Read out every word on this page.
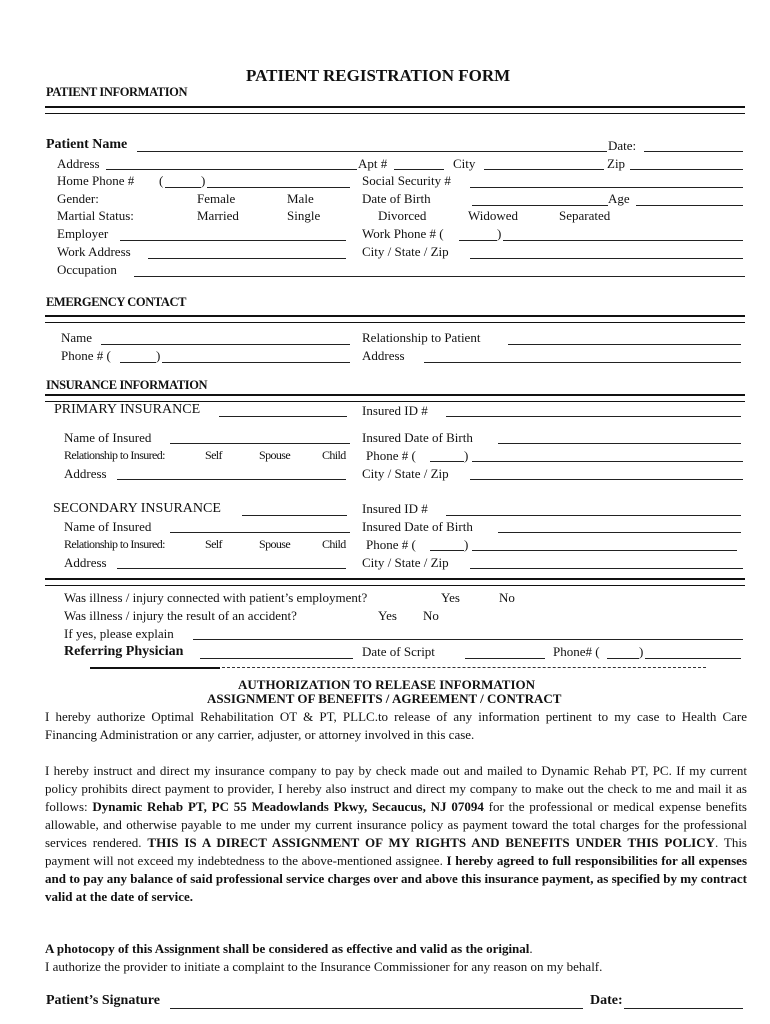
PATIENT REGISTRATION FORM
PATIENT INFORMATION
Patient Name	Date:
Address	Apt #	City	Zip
Home Phone # (	)	Social Security #
Gender:	Female	Male	Date of Birth	Age
Martial Status:	Married	Single	Divorced	Widowed	Separated
Employer	Work Phone # (	)
Work Address	City / State / Zip
Occupation
EMERGENCY CONTACT
Name	Relationship to Patient
Phone # (	)	Address
INSURANCE INFORMATION
PRIMARY INSURANCE	Insured ID #
Name of Insured	Insured Date of Birth
Relationship to Insured:	Self	Spouse	Child Phone # (	)
Address	City / State / Zip
SECONDARY INSURANCE	Insured ID #
Name of Insured	Insured Date of Birth
Relationship to Insured:	Self	Spouse	Child Phone # (	)
Address	City / State / Zip
Was illness / injury connected with patient’s employment?	Yes	No
Was illness / injury the result of an accident?	Yes No
If yes, please explain
Referring Physician	Date of Script	Phone# (	)
AUTHORIZATION TO RELEASE INFORMATION
ASSIGNMENT OF BENEFITS / AGREEMENT / CONTRACT
I hereby authorize Optimal Rehabilitation OT & PT, PLLC.to release of any information pertinent to my case to Health Care Financing Administration or any carrier, adjuster, or attorney involved in this case.
I hereby instruct and direct my insurance company to pay by check made out and mailed to Dynamic Rehab PT, PC. If my current policy prohibits direct payment to provider, I hereby also instruct and direct my company to make out the check to me and mail it as follows: Dynamic Rehab PT, PC 55 Meadowlands Pkwy, Secaucus, NJ 07094 for the professional or medical expense benefits allowable, and otherwise payable to me under my current insurance policy as payment toward the total charges for the professional services rendered. THIS IS A DIRECT ASSIGNMENT OF MY RIGHTS AND BENEFITS UNDER THIS POLICY. This payment will not exceed my indebtedness to the above-mentioned assignee. I hereby agreed to full responsibilities for all expenses and to pay any balance of said professional service charges over and above this insurance payment, as specified by my contract valid at the date of service.
A photocopy of this Assignment shall be considered as effective and valid as the original.
I authorize the provider to initiate a complaint to the Insurance Commissioner for any reason on my behalf.
Patient’s Signature	Date:
